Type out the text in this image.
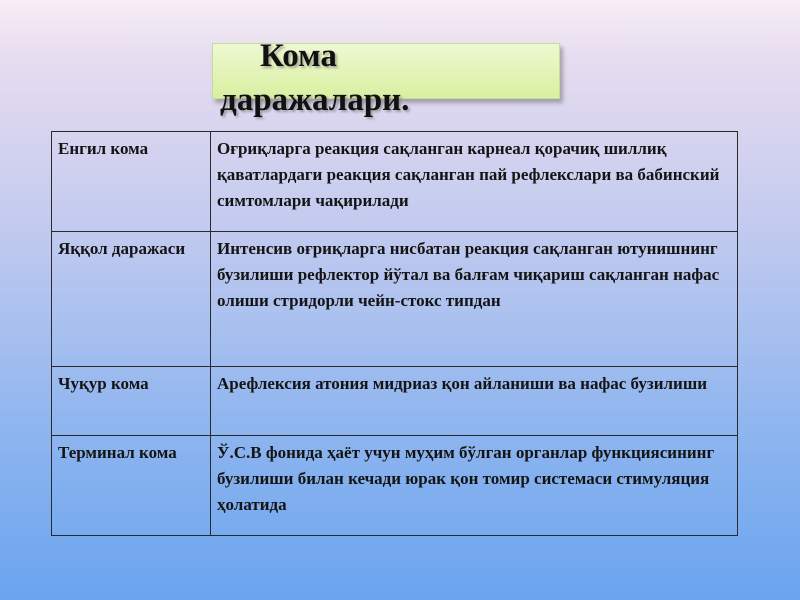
Кома
даражалари.
Енгил кома	Оғриқларга реакция сақланган карнеал қорачиқ шиллиқ қаватлардаги реакция сақланган пай рефлекслари ва бабинский симтомлари чақирилади
Яққол даражаси	Интенсив оғриқларга нисбатан реакция сақланган ютунишнинг бузилиши рефлектор йўтал ва балғам чиқариш сақланган нафас олиши стридорли чейн-стокс типдан
Чуқур кома	Арефлексия атония мидриаз қон айланиши ва нафас бузилиши
Терминал кома	Ў.С.В фонида ҳаёт учун муҳим бўлган органлар функциясининг бузилиши билан кечади юрак қон томир системаси стимуляция ҳолатида
